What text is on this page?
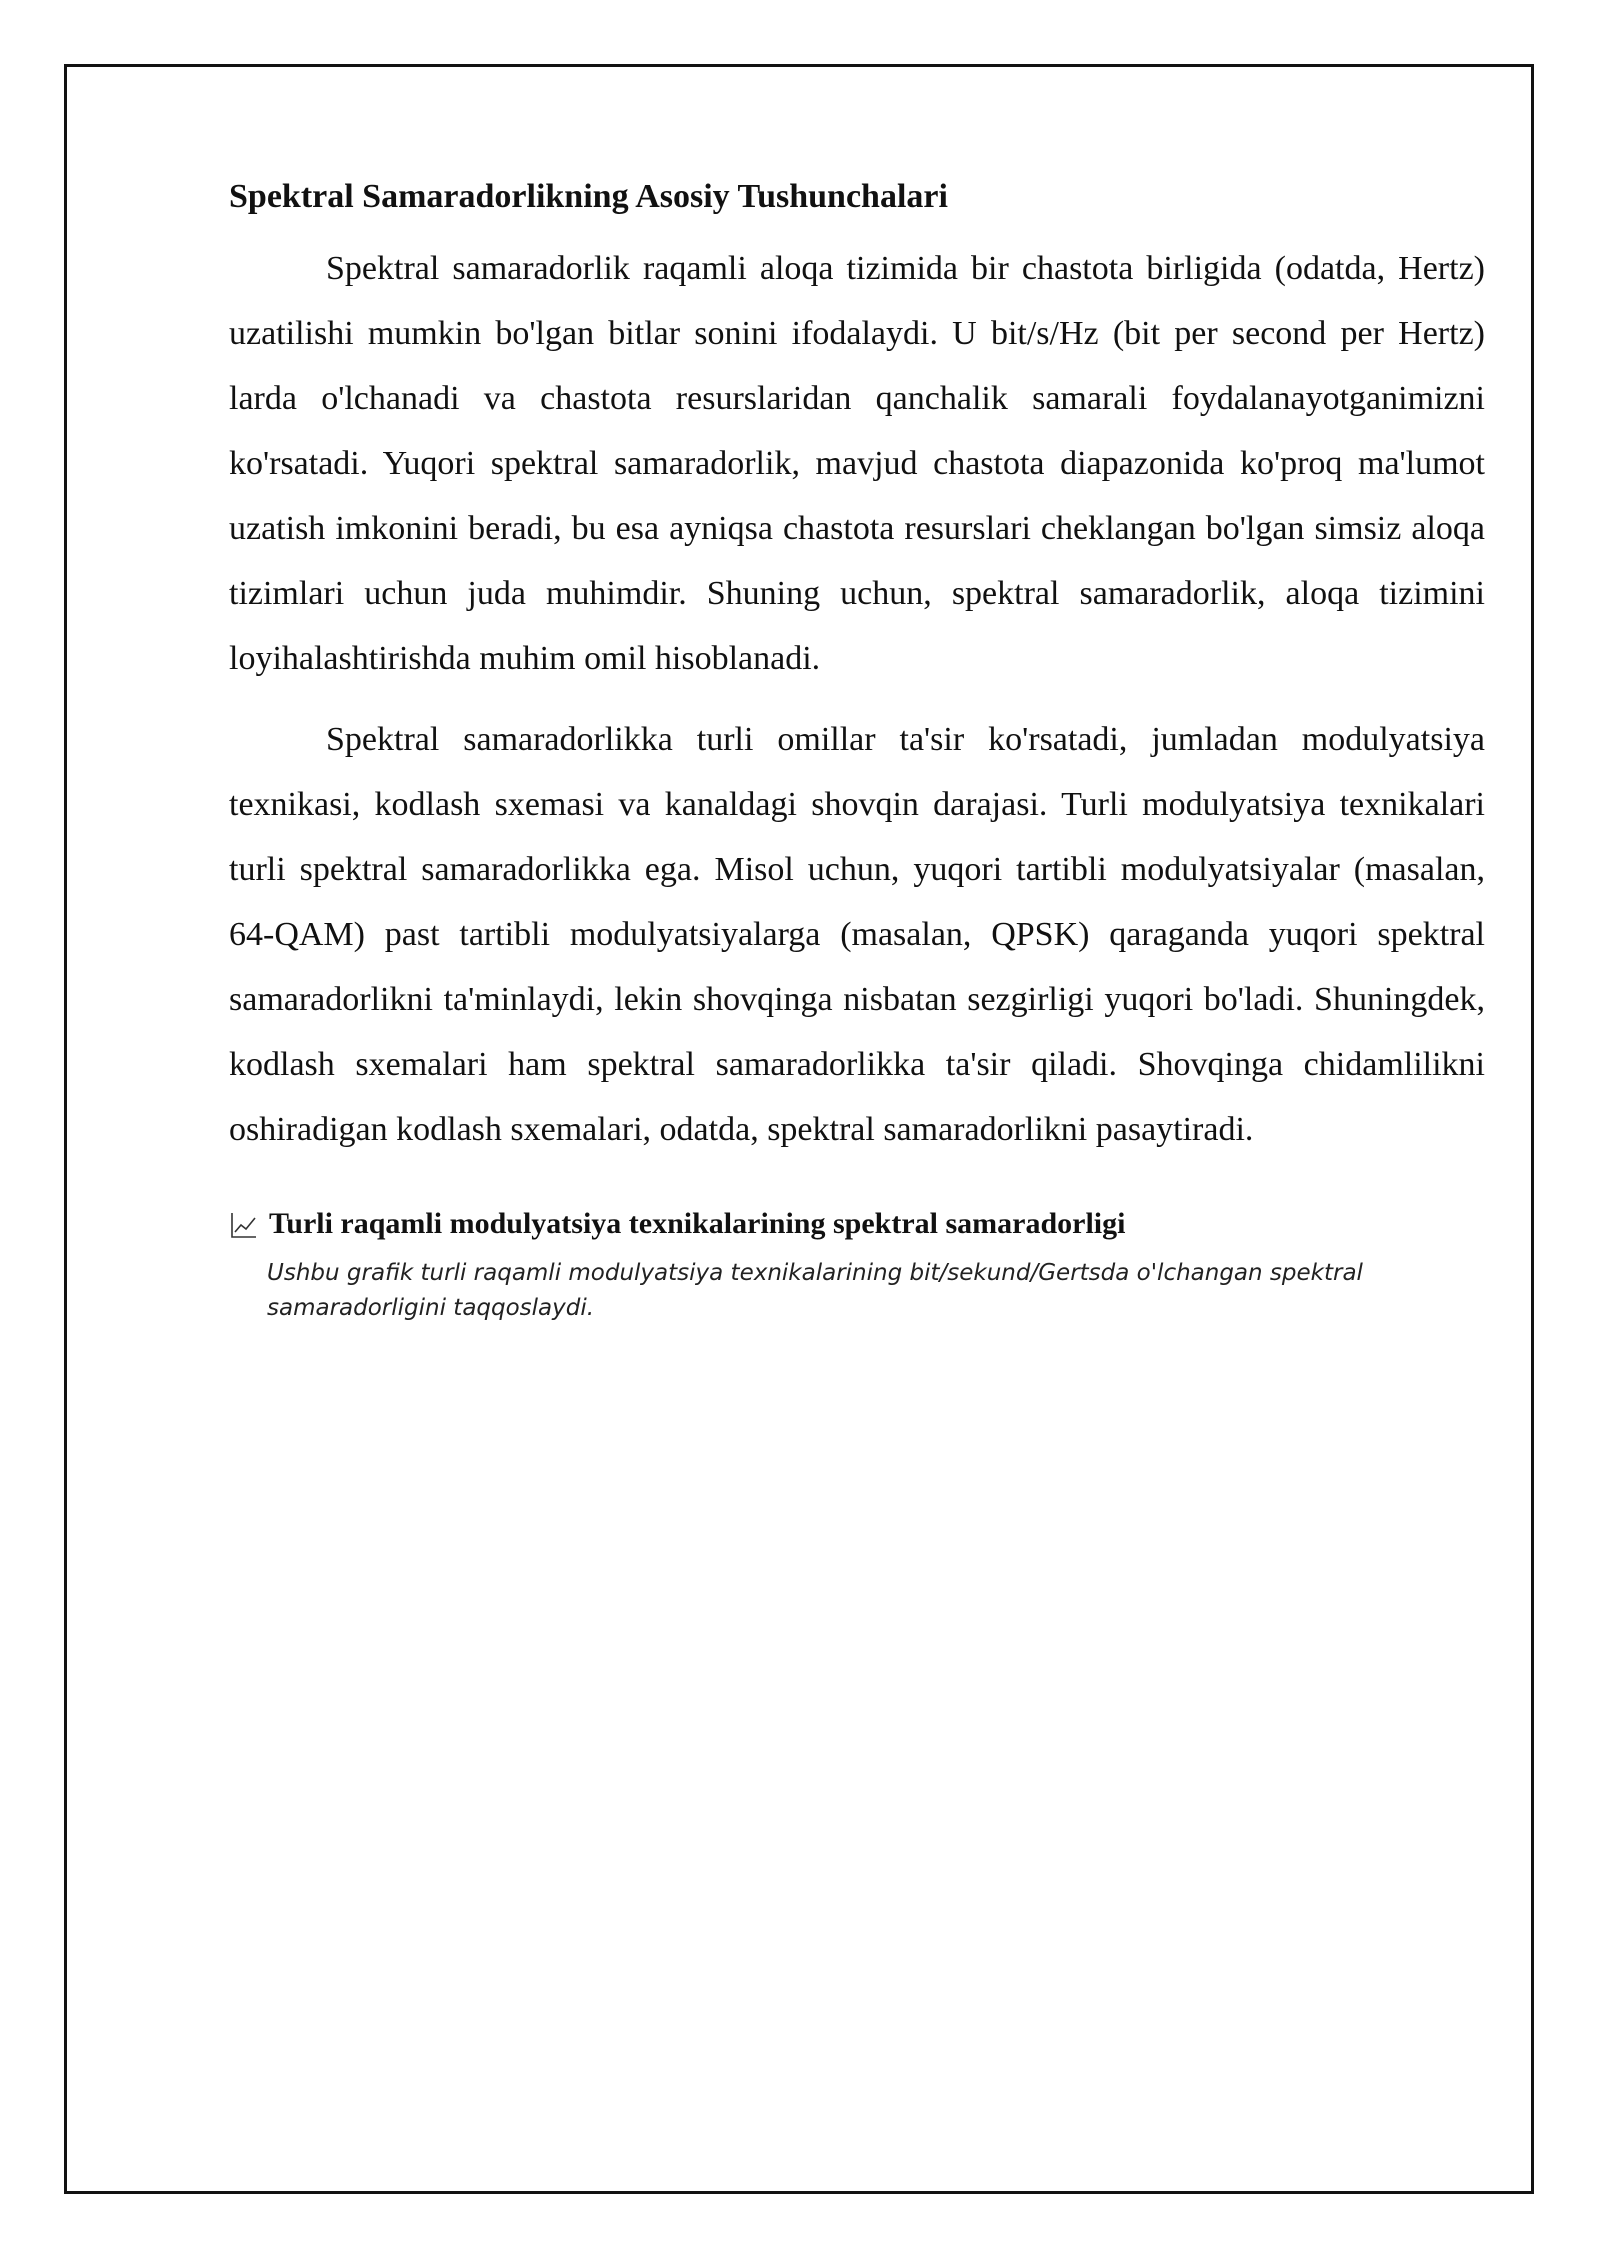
Spektral Samaradorlikning Asosiy Tushunchalari

Spektral samaradorlik raqamli aloqa tizimida bir chastota birligida (odatda, Hertz) uzatilishi mumkin bo'lgan bitlar sonini ifodalaydi. U bit/s/Hz (bit per second per Hertz) larda o'lchanadi va chastota resurslaridan qanchalik samarali foydalanayotganimizni ko'rsatadi. Yuqori spektral samaradorlik, mavjud chastota diapazonida ko'proq ma'lumot uzatish imkonini beradi, bu esa ayniqsa chastota resurslari cheklangan bo'lgan simsiz aloqa tizimlari uchun juda muhimdir. Shuning uchun, spektral samaradorlik, aloqa tizimini loyihalashtirishda muhim omil hisoblanadi.

Spektral samaradorlikka turli omillar ta'sir ko'rsatadi, jumladan modulyatsiya texnikasi, kodlash sxemasi va kanaldagi shovqin darajasi. Turli modulyatsiya texnikalari turli spektral samaradorlikka ega. Misol uchun, yuqori tartibli modulyatsiyalar (masalan, 64-QAM) past tartibli modulyatsiyalarga (masalan, QPSK) qaraganda yuqori spektral samaradorlikni ta'minlaydi, lekin shovqinga nisbatan sezgirligi yuqori bo'ladi. Shuningdek, kodlash sxemalari ham spektral samaradorlikka ta'sir qiladi. Shovqinga chidamlilikni oshiradigan kodlash sxemalari, odatda, spektral samaradorlikni pasaytiradi.

Turli raqamli modulyatsiya texnikalarining spektral samaradorligi
Ushbu grafik turli raqamli modulyatsiya texnikalarining bit/sekund/Gertsda o'lchangan spektral samaradorligini taqqoslaydi.
